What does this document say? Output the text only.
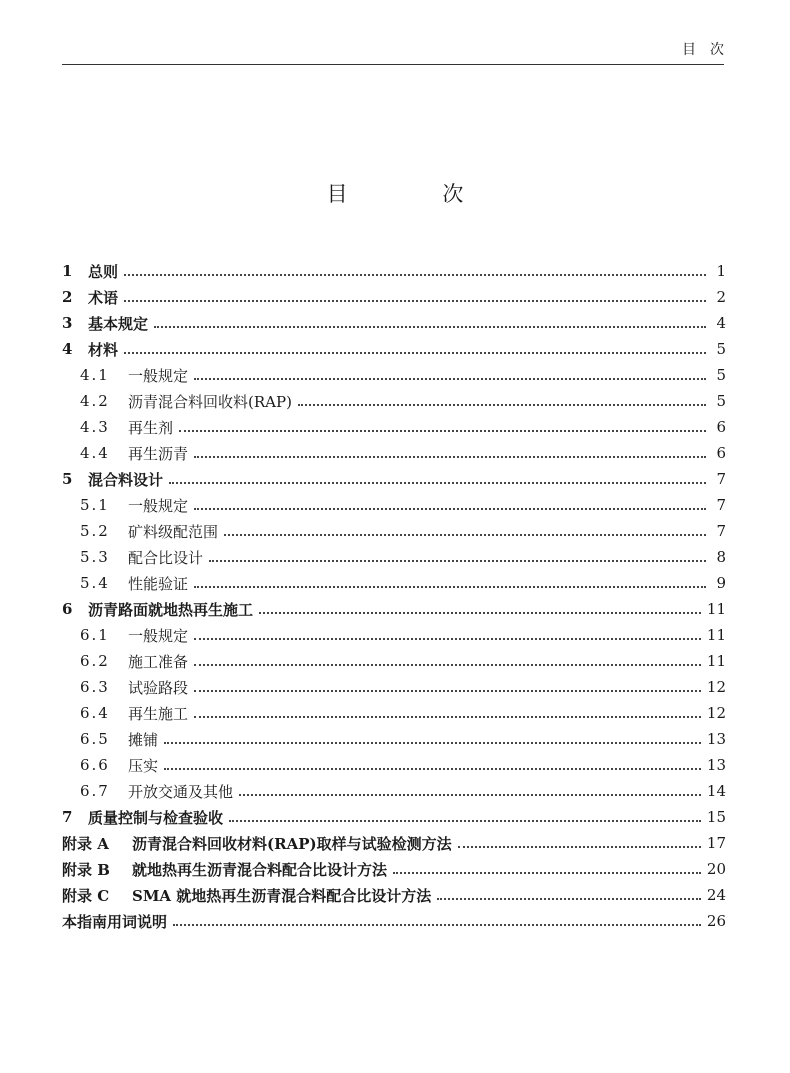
目次
目 次
1	总则	1
2	术语	2
3	基本规定	4
4	材料	5
4.1	一般规定	5
4.2	沥青混合料回收料(RAP)	5
4.3	再生剂	6
4.4	再生沥青	6
5	混合料设计	7
5.1	一般规定	7
5.2	矿料级配范围	7
5.3	配合比设计	8
5.4	性能验证	9
6	沥青路面就地热再生施工	11
6.1	一般规定	11
6.2	施工准备	11
6.3	试验路段	12
6.4	再生施工	12
6.5	摊铺	13
6.6	压实	13
6.7	开放交通及其他	14
7	质量控制与检查验收	15
附录 A	沥青混合料回收材料(RAP)取样与试验检测方法	17
附录 B	就地热再生沥青混合料配合比设计方法	20
附录 C	SMA 就地热再生沥青混合料配合比设计方法	24
本指南用词说明	26
